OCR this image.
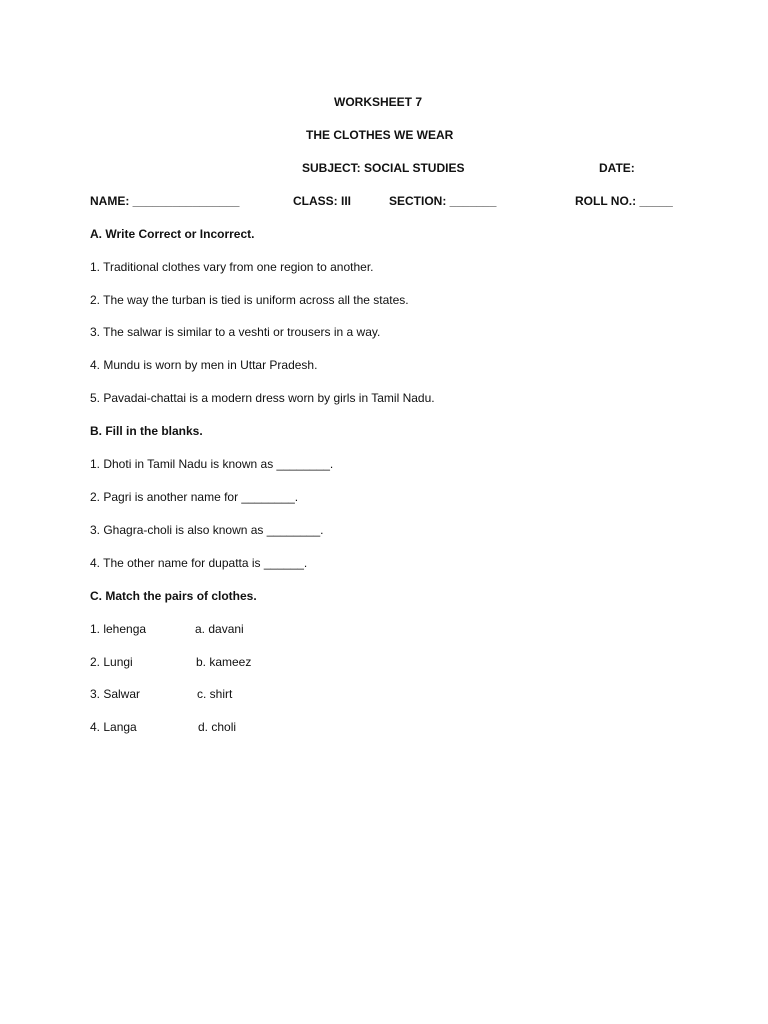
WORKSHEET 7
THE CLOTHES WE WEAR
SUBJECT: SOCIAL STUDIES	DATE:
NAME: ________________	CLASS: III	SECTION: _______	ROLL NO.: _____
A. Write Correct or Incorrect.
1. Traditional clothes vary from one region to another.
2. The way the turban is tied is uniform across all the states.
3. The salwar is similar to a veshti or trousers in a way.
4. Mundu is worn by men in Uttar Pradesh.
5. Pavadai-chattai is a modern dress worn by girls in Tamil Nadu.
B. Fill in the blanks.
1. Dhoti in Tamil Nadu is known as ________.
2. Pagri is another name for ________.
3. Ghagra-choli is also known as ________.
4. The other name for dupatta is ______.
C. Match the pairs of clothes.
1. lehenga	a. davani
2. Lungi	b. kameez
3. Salwar	c. shirt
4. Langa	d. choli
